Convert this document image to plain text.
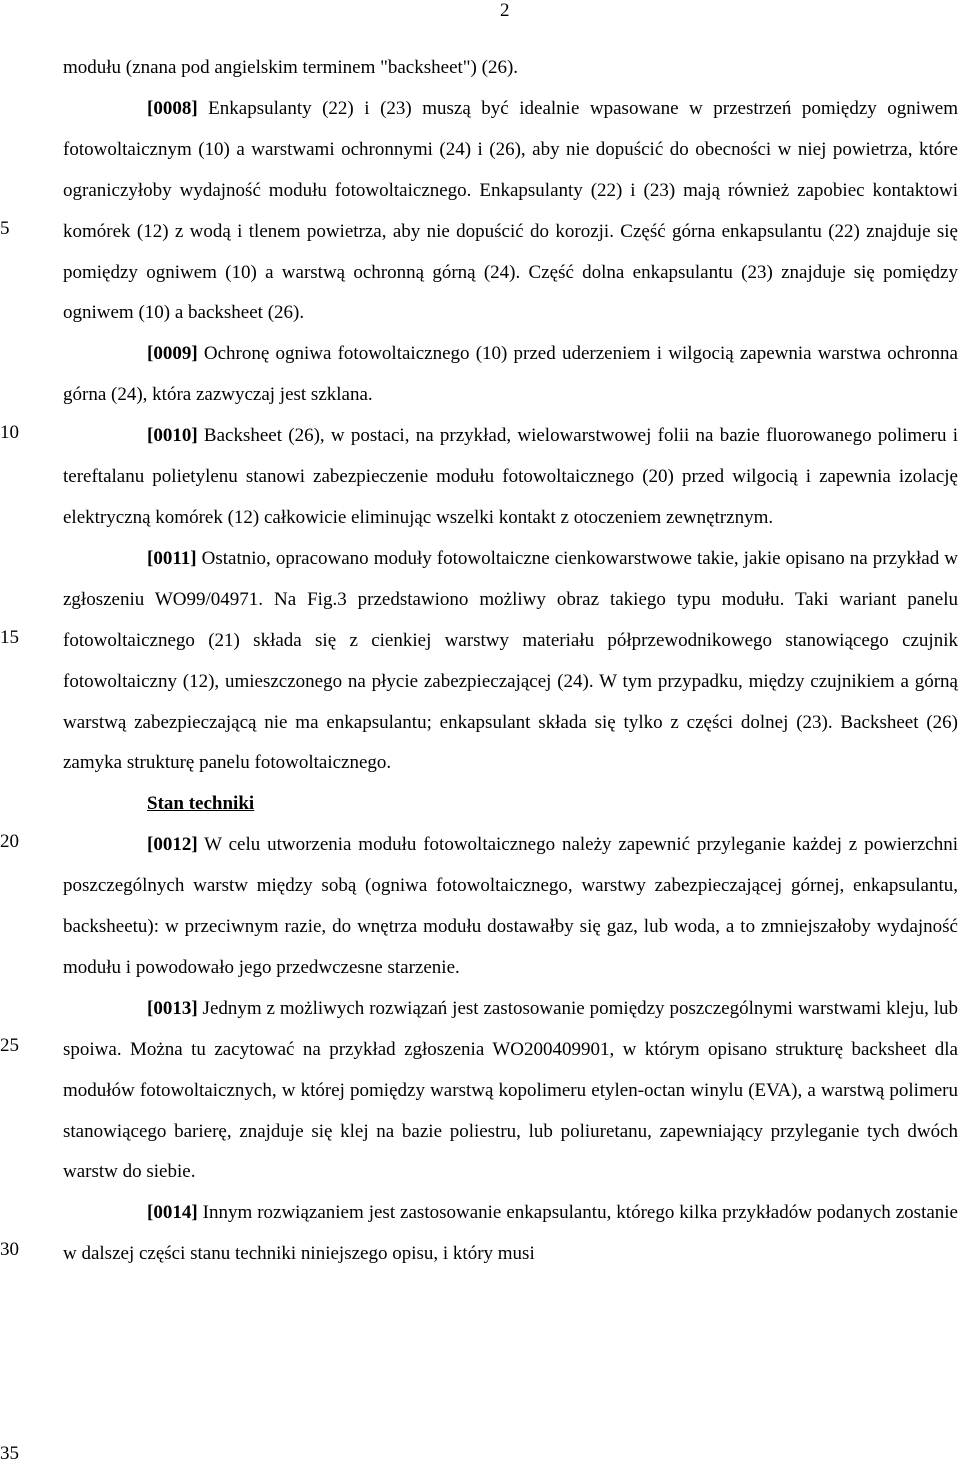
2
5
10
15
20
25
30
35

modułu (znana pod angielskim terminem "backsheet") (26).

[0008] Enkapsulanty (22) i (23) muszą być idealnie wpasowane w przestrzeń pomiędzy ogniwem fotowoltaicznym (10) a warstwami ochronnymi (24) i (26), aby nie dopuścić do obecności w niej powietrza, które ograniczyłoby wydajność modułu fotowoltaicznego. Enkapsulanty (22) i (23) mają również zapobiec kontaktowi komórek (12) z wodą i tlenem powietrza, aby nie dopuścić do korozji. Część górna enkapsulantu (22) znajduje się pomiędzy ogniwem (10) a warstwą ochronną górną (24). Część dolna enkapsulantu (23) znajduje się pomiędzy ogniwem (10) a backsheet (26).

[0009] Ochronę ogniwa fotowoltaicznego (10) przed uderzeniem i wilgocią zapewnia warstwa ochronna górna (24), która zazwyczaj jest szklana.

[0010] Backsheet (26), w postaci, na przykład, wielowarstwowej folii na bazie fluorowanego polimeru i tereftalanu polietylenu stanowi zabezpieczenie modułu fotowoltaicznego (20) przed wilgocią i zapewnia izolację elektryczną komórek (12) całkowicie eliminując wszelki kontakt z otoczeniem zewnętrznym.

[0011] Ostatnio, opracowano moduły fotowoltaiczne cienkowarstwowe takie, jakie opisano na przykład w zgłoszeniu WO99/04971. Na Fig.3 przedstawiono możliwy obraz takiego typu modułu. Taki wariant panelu fotowoltaicznego (21) składa się z cienkiej warstwy materiału półprzewodnikowego stanowiącego czujnik fotowoltaiczny (12), umieszczonego na płycie zabezpieczającej (24). W tym przypadku, między czujnikiem a górną warstwą zabezpieczającą nie ma enkapsulantu; enkapsulant składa się tylko z części dolnej (23). Backsheet (26) zamyka strukturę panelu fotowoltaicznego.

Stan techniki

[0012] W celu utworzenia modułu fotowoltaicznego należy zapewnić przyleganie każdej z powierzchni poszczególnych warstw między sobą (ogniwa fotowoltaicznego, warstwy zabezpieczającej górnej, enkapsulantu, backsheetu): w przeciwnym razie, do wnętrza modułu dostawałby się gaz, lub woda, a to zmniejszałoby wydajność modułu i powodowało jego przedwczesne starzenie.

[0013] Jednym z możliwych rozwiązań jest zastosowanie pomiędzy poszczególnymi warstwami kleju, lub spoiwa. Można tu zacytować na przykład zgłoszenia WO200409901, w którym opisano strukturę backsheet dla modułów fotowoltaicznych, w której pomiędzy warstwą kopolimeru etylen-octan winylu (EVA), a warstwą polimeru stanowiącego barierę, znajduje się klej na bazie poliestru, lub poliuretanu, zapewniający przyleganie tych dwóch warstw do siebie.

[0014] Innym rozwiązaniem jest zastosowanie enkapsulantu, którego kilka przykładów podanych zostanie w dalszej części stanu techniki niniejszego opisu, i który musi
